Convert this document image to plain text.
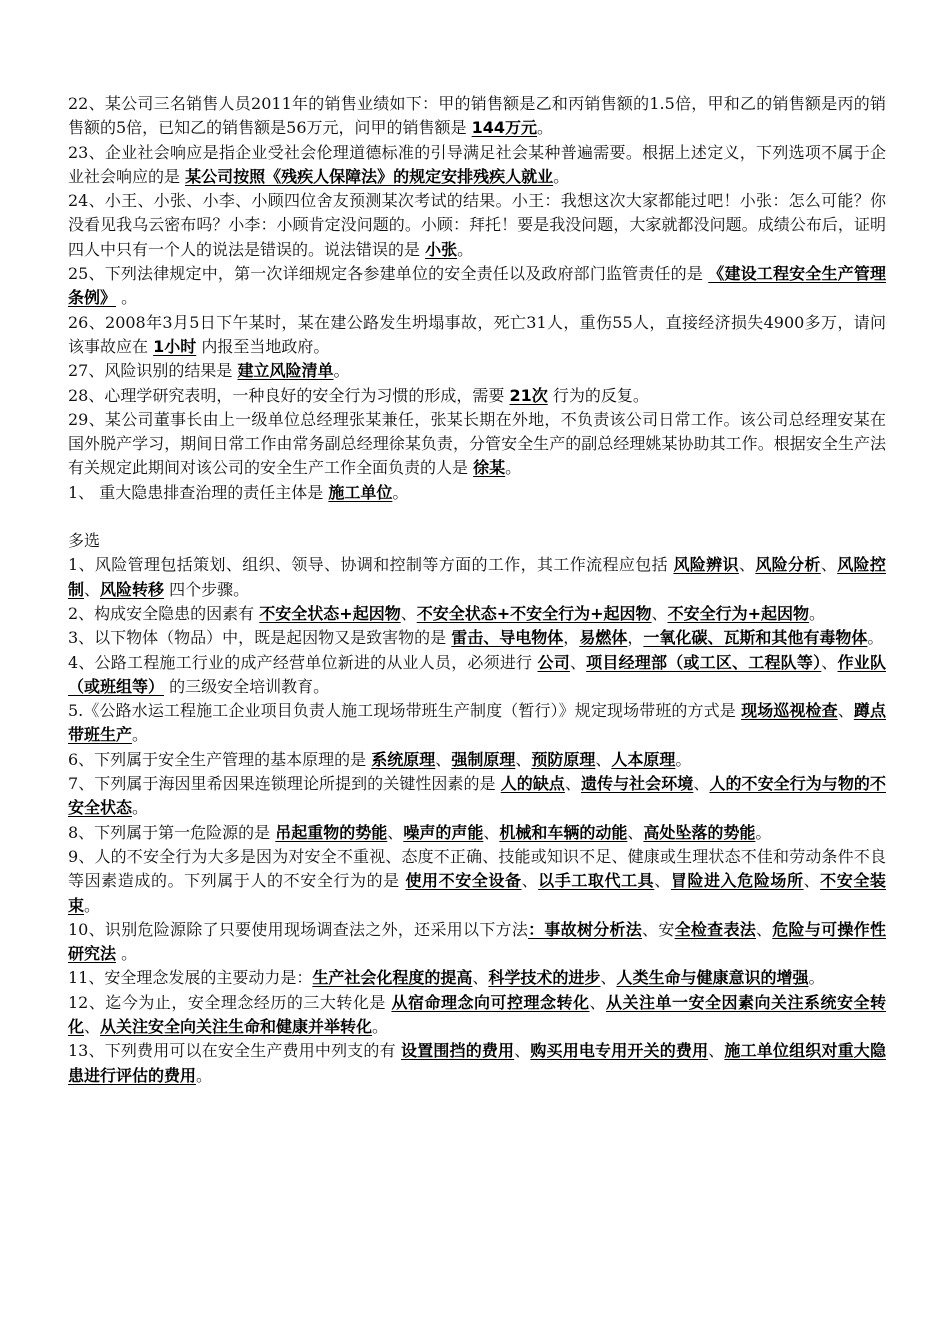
22、某公司三名销售人员2011年的销售业绩如下：甲的销售额是乙和丙销售额的1.5倍，甲和乙的销售额是丙的销售额的5倍，已知乙的销售额是56万元，问甲的销售额是 144万元。

23、企业社会响应是指企业受社会伦理道德标准的引导满足社会某种普遍需要。根据上述定义，下列选项不属于企业社会响应的是 某公司按照《残疾人保障法》的规定安排残疾人就业。

24、小王、小张、小李、小顾四位舍友预测某次考试的结果。小王：我想这次大家都能过吧！小张：怎么可能？你没看见我乌云密布吗？小李：小顾肯定没问题的。小顾：拜托！要是我没问题，大家就都没问题。成绩公布后，证明四人中只有一个人的说法是错误的。说法错误的是 小张。

25、下列法律规定中，第一次详细规定各参建单位的安全责任以及政府部门监管责任的是 《建设工程安全生产管理条例》 。

26、2008年3月5日下午某时，某在建公路发生坍塌事故，死亡31人，重伤55人，直接经济损失4900多万，请问该事故应在 1小时 内报至当地政府。

27、风险识别的结果是 建立风险清单。

28、心理学研究表明，一种良好的安全行为习惯的形成，需要 21次 行为的反复。

29、某公司董事长由上一级单位总经理张某兼任，张某长期在外地，不负责该公司日常工作。该公司总经理安某在国外脱产学习，期间日常工作由常务副总经理徐某负责，分管安全生产的副总经理姚某协助其工作。根据安全生产法有关规定此期间对该公司的安全生产工作全面负责的人是 徐某。

1、 重大隐患排查治理的责任主体是 施工单位。

多选

1、风险管理包括策划、组织、领导、协调和控制等方面的工作，其工作流程应包括 风险辨识、风险分析、风险控制、风险转移 四个步骤。

2、构成安全隐患的因素有 不安全状态+起因物、不安全状态+不安全行为+起因物、不安全行为+起因物。

3、以下物体（物品）中，既是起因物又是致害物的是 雷击、导电物体，易燃体，一氧化碳、瓦斯和其他有毒物体。

4、公路工程施工行业的成产经营单位新进的从业人员，必须进行 公司、项目经理部（或工区、工程队等）、作业队（或班组等） 的三级安全培训教育。

5.《公路水运工程施工企业项目负责人施工现场带班生产制度（暂行）》规定现场带班的方式是 现场巡视检查、蹲点带班生产。

6、下列属于安全生产管理的基本原理的是 系统原理、强制原理、预防原理、人本原理。

7、下列属于海因里希因果连锁理论所提到的关键性因素的是 人的缺点、遗传与社会环境、人的不安全行为与物的不安全状态。

8、下列属于第一危险源的是 吊起重物的势能、噪声的声能、机械和车辆的动能、高处坠落的势能。

9、人的不安全行为大多是因为对安全不重视、态度不正确、技能或知识不足、健康或生理状态不佳和劳动条件不良等因素造成的。下列属于人的不安全行为的是 使用不安全设备、以手工取代工具、冒险进入危险场所、不安全装束。

10、识别危险源除了只要使用现场调查法之外，还采用以下方法：事故树分析法、安全检查表法、危险与可操作性研究法 。

11、安全理念发展的主要动力是：生产社会化程度的提高、科学技术的进步、人类生命与健康意识的增强。

12、迄今为止，安全理念经历的三大转化是 从宿命理念向可控理念转化、从关注单一安全因素向关注系统安全转化、从关注安全向关注生命和健康并举转化。

13、下列费用可以在安全生产费用中列支的有 设置围挡的费用、购买用电专用开关的费用、施工单位组织对重大隐患进行评估的费用。
